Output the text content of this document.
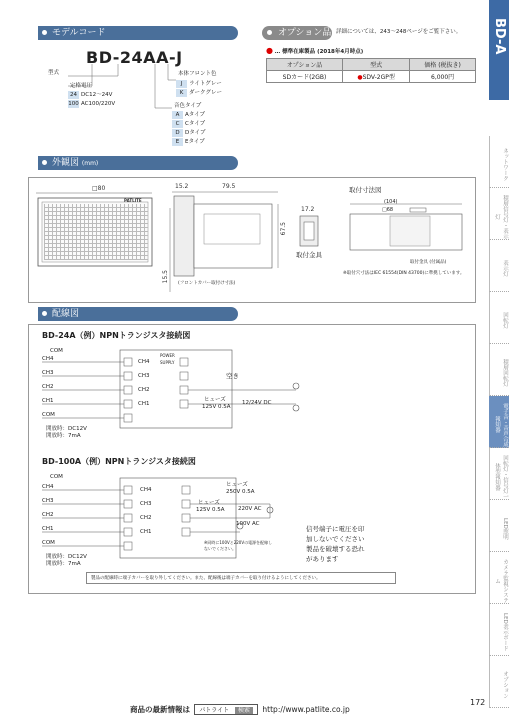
BD-A
ネットワーク
積層信号灯・表示灯
表示灯
回転灯
積層回転灯
電子音・音声合成報知器
回転灯・信号灯一体型報知器
LED照明
カメラ監視システム
LED表示ボード
オプション
モデルコード
BD-24AA-J
型式
定格電圧
24 DC12〜24V
100 AC100/220V
本体フロント色
J ライトグレー
K ダークグレー
音色タイプ
A Aタイプ
C Cタイプ
D Dタイプ
E Eタイプ
オプション品 詳細については、243〜248ページをご覧下さい。
● … 標準在庫製品 (2018年4月時点)
オプション品	型式	価格 (税抜き)
SDカード(2GB)	●SDV-2GP型	6,000円
外観図 (mm)
□80
PATLITE
15.2	79.5
67.5
15.5
(フロントカバー取付け寸法)
17.2
取付金具
取付寸法図
(104)
□68
取付金具 (付属品)
※取付穴寸法はIEC 61554(DIN 43700)に準拠しています。
配線図
BD-24A（例）NPNトランジスタ接続図
COM
CH4
CH3
CH2
CH1
COM
CH4
CH3
CH2
CH1
POWER SUPPLY
空き
ヒューズ
125V 0.5A
12/24V DC
開放時：DC12V
開放時：7mA
BD-100A（例）NPNトランジスタ接続図
COM
CH4
CH3
CH2
CH1
COM
CH4
CH3
CH2
CH1
ヒューズ
250V 0.5A
ヒューズ
125V 0.5A 220V AC
100V AC
※同時に100Vと220Vの電源を配線しないでください。
開放時：DC12V
開放時：7mA
信号端子に電圧を印加しないでください製品を破壊する恐れがあります
製品の配線時に端子カバーを取り外してください。また、配線後は端子カバーを取り付けるようにしてください。
172
商品の最新情報は パトライト 検索 http://www.patlite.co.jp
